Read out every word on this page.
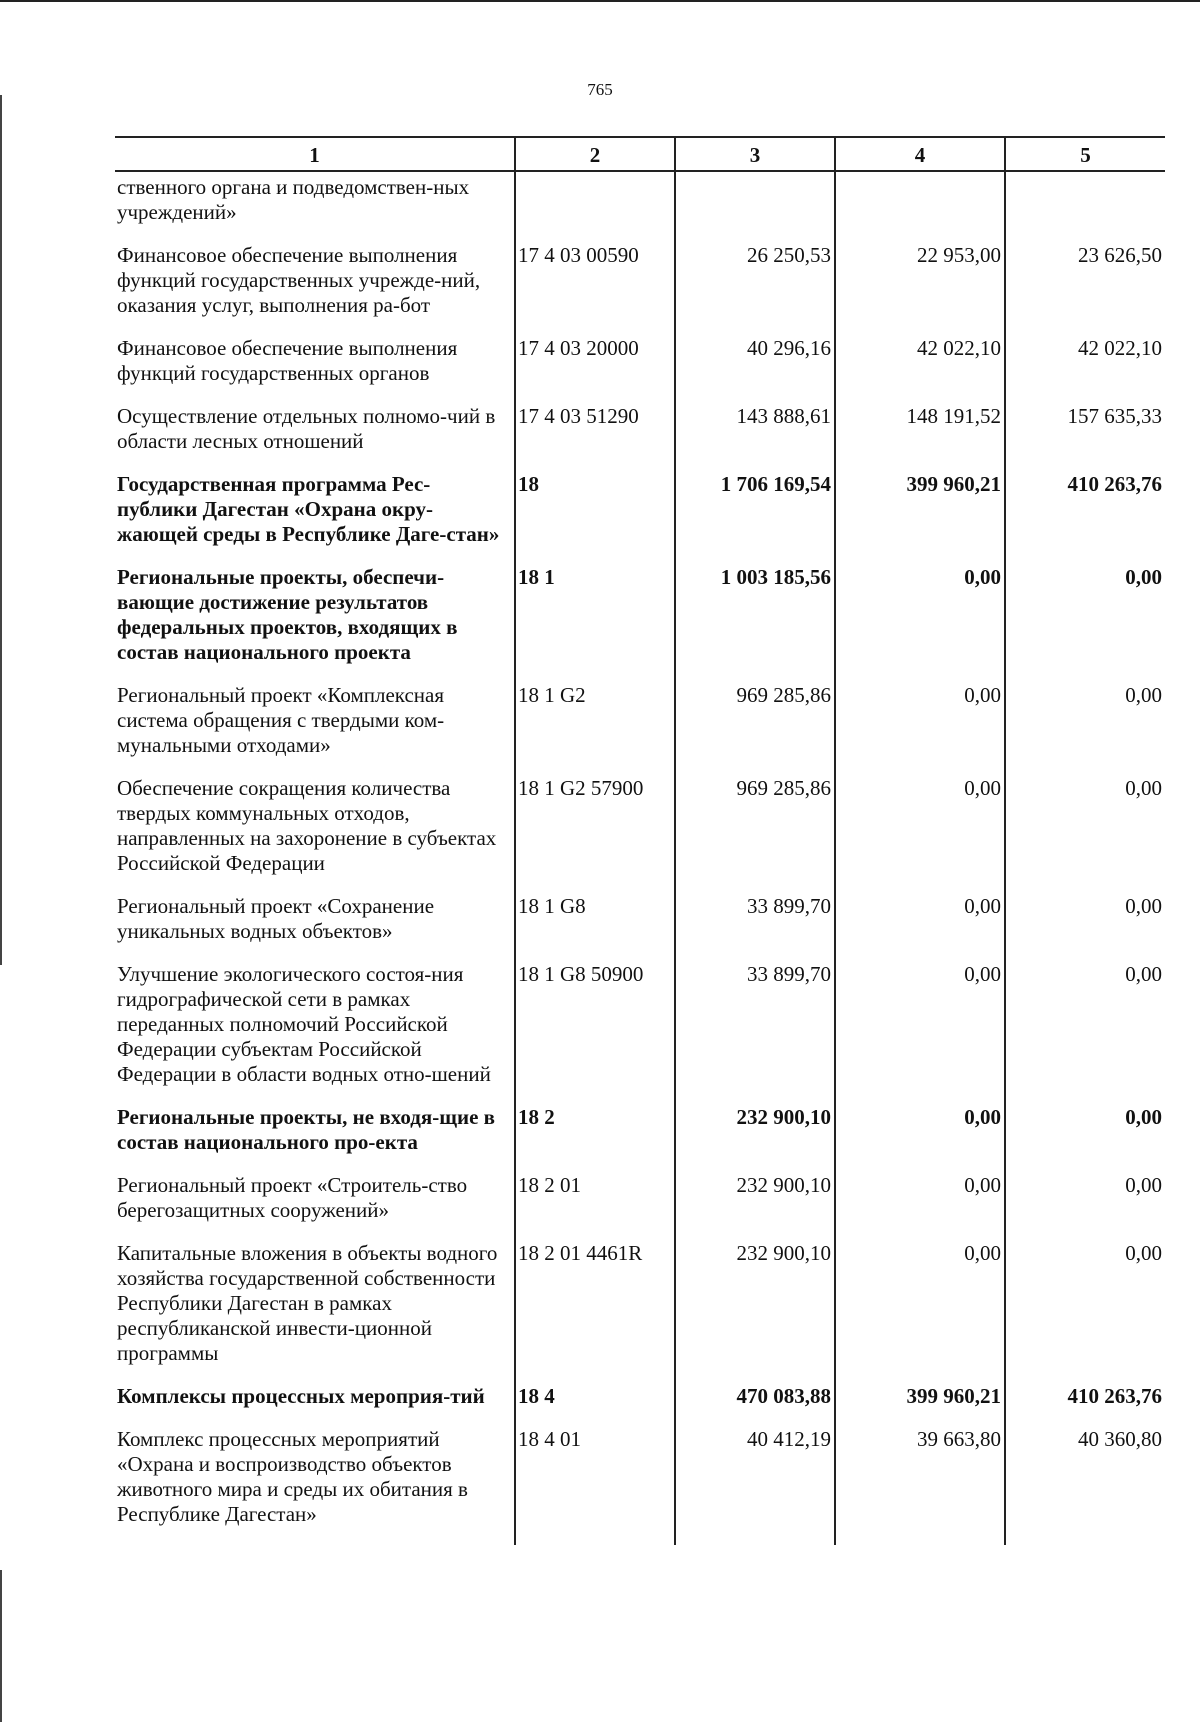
765
1	2	3	4	5
ственного органа и подведомствен-ных учреждений»				
Финансовое обеспечение выполнения функций государственных учрежде-ний, оказания услуг, выполнения ра-бот	17 4 03 00590	26 250,53	22 953,00	23 626,50
Финансовое обеспечение выполнения функций государственных органов	17 4 03 20000	40 296,16	42 022,10	42 022,10
Осуществление отдельных полномо-чий в области лесных отношений	17 4 03 51290	143 888,61	148 191,52	157 635,33
Государственная программа Рес-публики Дагестан «Охрана окру-жающей среды в Республике Даге-стан»	18	1 706 169,54	399 960,21	410 263,76
Региональные проекты, обеспечи-вающие достижение результатов федеральных проектов, входящих в состав национального проекта	18 1	1 003 185,56	0,00	0,00
Региональный проект «Комплексная система обращения с твердыми ком-мунальными отходами»	18 1 G2	969 285,86	0,00	0,00
Обеспечение сокращения количества твердых коммунальных отходов, направленных на захоронение в субъектах Российской Федерации	18 1 G2 57900	969 285,86	0,00	0,00
Региональный проект «Сохранение уникальных водных объектов»	18 1 G8	33 899,70	0,00	0,00
Улучшение экологического состоя-ния гидрографической сети в рамках переданных полномочий Российской Федерации субъектам Российской Федерации в области водных отно-шений	18 1 G8 50900	33 899,70	0,00	0,00
Региональные проекты, не входя-щие в состав национального про-екта	18 2	232 900,10	0,00	0,00
Региональный проект «Строитель-ство берегозащитных сооружений»	18 2 01	232 900,10	0,00	0,00
Капитальные вложения в объекты водного хозяйства государственной собственности Республики Дагестан в рамках республиканской инвести-ционной программы	18 2 01 4461R	232 900,10	0,00	0,00
Комплексы процессных мероприя-тий	18 4	470 083,88	399 960,21	410 263,76
Комплекс процессных мероприятий «Охрана и воспроизводство объектов животного мира и среды их обитания в Республике Дагестан»	18 4 01	40 412,19	39 663,80	40 360,80
